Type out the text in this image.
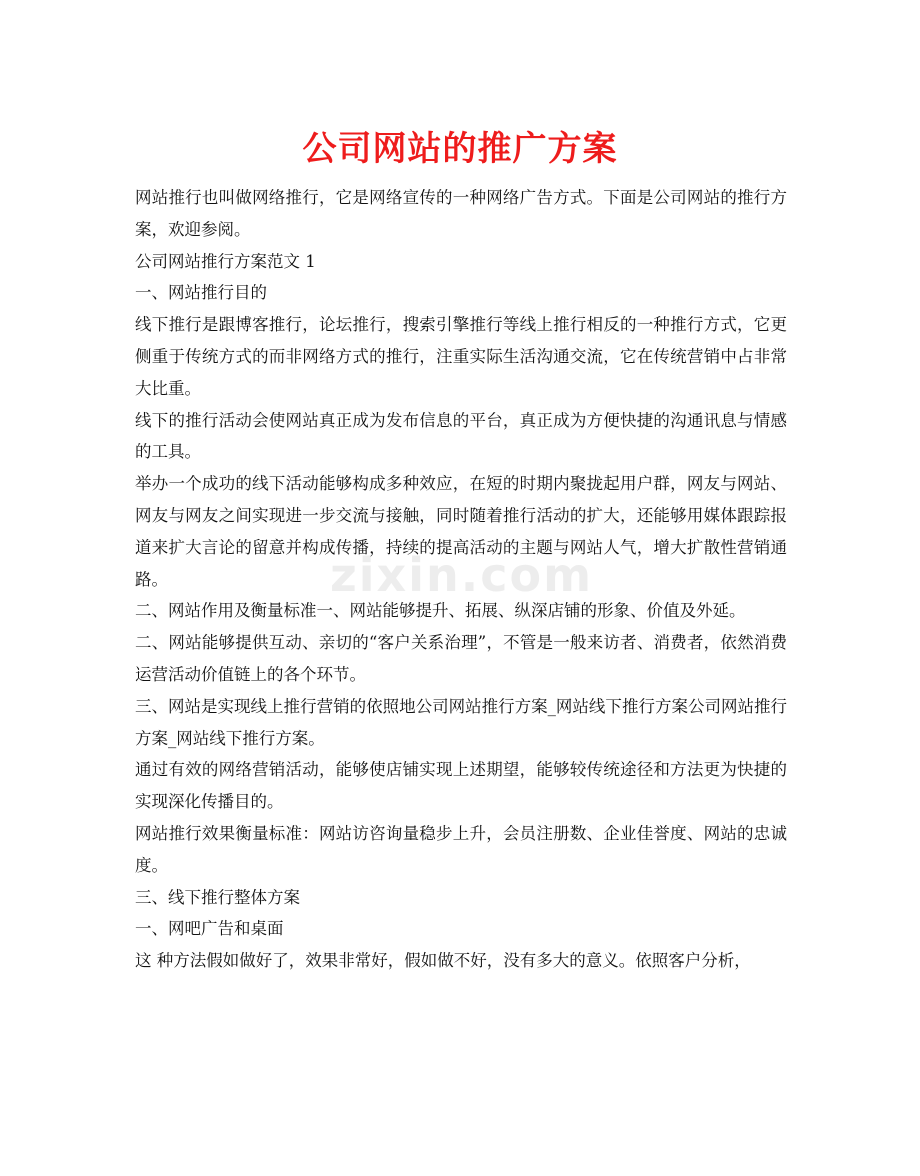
公司网站的推广方案
zixin.com

网站推行也叫做网络推行，它是网络宣传的一种网络广告方式。下面是公司网站的推行方案，欢迎参阅。

公司网站推行方案范文 1

一、网站推行目的

线下推行是跟博客推行，论坛推行，搜索引擎推行等线上推行相反的一种推行方式，它更侧重于传统方式的而非网络方式的推行，注重实际生活沟通交流，它在传统营销中占非常大比重。

线下的推行活动会使网站真正成为发布信息的平台，真正成为方便快捷的沟通讯息与情感的工具。

举办一个成功的线下活动能够构成多种效应，在短的时期内聚拢起用户群，网友与网站、网友与网友之间实现进一步交流与接触，同时随着推行活动的扩大，还能够用媒体跟踪报道来扩大言论的留意并构成传播，持续的提高活动的主题与网站人气，增大扩散性营销通路。

二、网站作用及衡量标准一、网站能够提升、拓展、纵深店铺的形象、价值及外延。

二、网站能够提供互动、亲切的“客户关系治理”，不管是一般来访者、消费者，依然消费运营活动价值链上的各个环节。

三、网站是实现线上推行营销的依照地公司网站推行方案_网站线下推行方案公司网站推行方案_网站线下推行方案。

通过有效的网络营销活动，能够使店铺实现上述期望，能够较传统途径和方法更为快捷的实现深化传播目的。

网站推行效果衡量标准：网站访咨询量稳步上升，会员注册数、企业佳誉度、网站的忠诚度。

三、线下推行整体方案

一、网吧广告和桌面

这 种方法假如做好了，效果非常好，假如做不好，没有多大的意义。依照客户分析，
